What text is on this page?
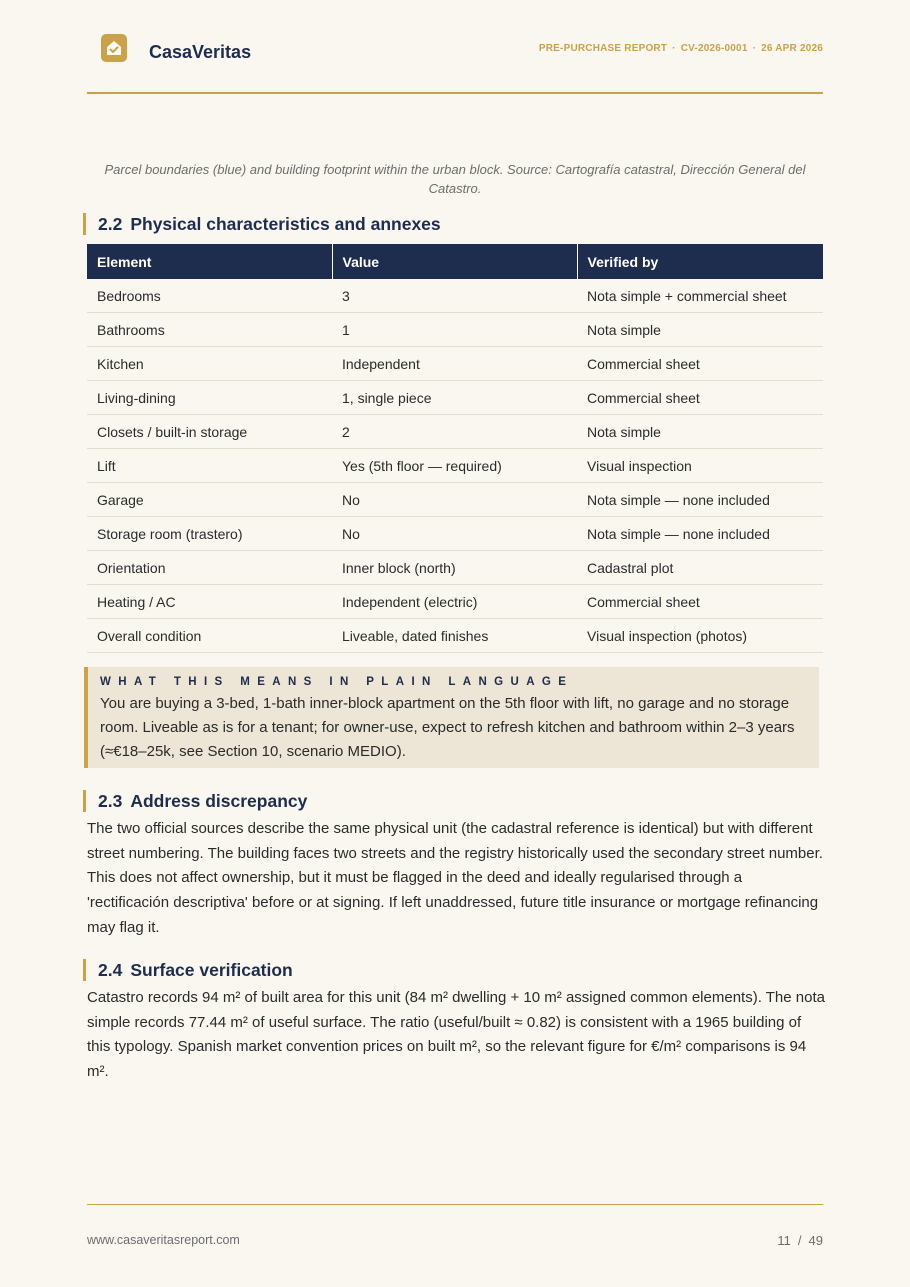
CasaVeritas	PRE-PURCHASE REPORT · CV-2026-0001 · 26 APR 2026
Parcel boundaries (blue) and building footprint within the urban block. Source: Cartografía catastral, Dirección General del Catastro.
2.2 Physical characteristics and annexes
Element	Value	Verified by
Bedrooms	3	Nota simple + commercial sheet
Bathrooms	1	Nota simple
Kitchen	Independent	Commercial sheet
Living-dining	1, single piece	Commercial sheet
Closets / built-in storage	2	Nota simple
Lift	Yes (5th floor — required)	Visual inspection
Garage	No	Nota simple — none included
Storage room (trastero)	No	Nota simple — none included
Orientation	Inner block (north)	Cadastral plot
Heating / AC	Independent (electric)	Commercial sheet
Overall condition	Liveable, dated finishes	Visual inspection (photos)
WHAT THIS MEANS IN PLAIN LANGUAGE
You are buying a 3-bed, 1-bath inner-block apartment on the 5th floor with lift, no garage and no storage room. Liveable as is for a tenant; for owner-use, expect to refresh kitchen and bathroom within 2–3 years (≈€18–25k, see Section 10, scenario MEDIO).
2.3 Address discrepancy

The two official sources describe the same physical unit (the cadastral reference is identical) but with different street numbering. The building faces two streets and the registry historically used the secondary street number. This does not affect ownership, but it must be flagged in the deed and ideally regularised through a 'rectificación descriptiva' before or at signing. If left unaddressed, future title insurance or mortgage refinancing may flag it.

2.4 Surface verification

Catastro records 94 m² of built area for this unit (84 m² dwelling + 10 m² assigned common elements). The nota simple records 77.44 m² of useful surface. The ratio (useful/built ≈ 0.82) is consistent with a 1965 building of this typology. Spanish market convention prices on built m², so the relevant figure for €/m² comparisons is 94 m².

www.casaveritasreport.com	11 / 49
